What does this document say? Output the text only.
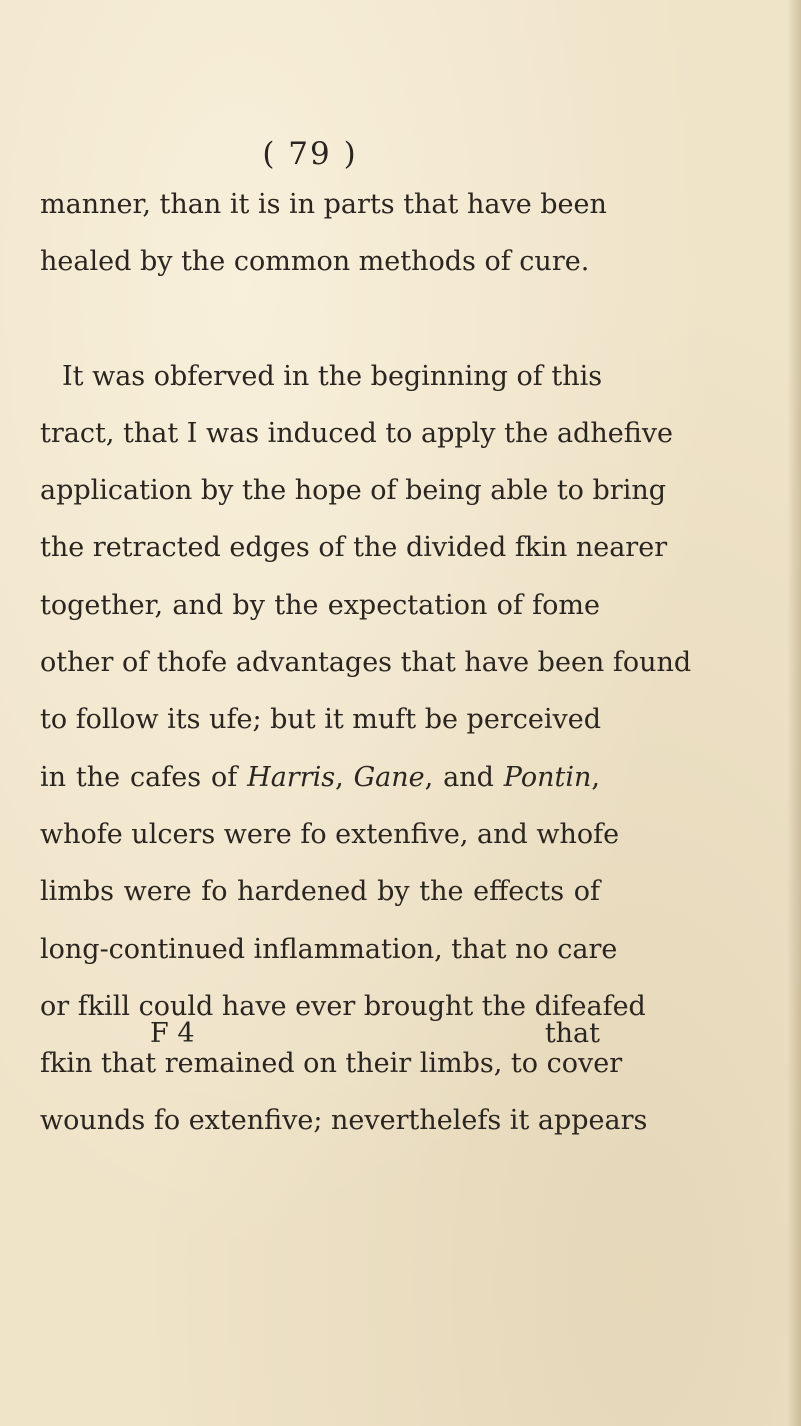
( 79 )
manner, than it is in parts that have been
healed by the common methods of cure.
It was obferved in the beginning of this
tract, that I was induced to apply the adhefive
application by the hope of being able to bring
the retracted edges of the divided fkin nearer
together, and by the expectation of fome
other of thofe advantages that have been found
to follow its ufe; but it muft be perceived
in the cafes of Harris, Gane, and Pontin,
whofe ulcers were fo extenfive, and whofe
limbs were fo hardened by the effects of
long-continued inflammation, that no care
or fkill could have ever brought the difeafed
fkin that remained on their limbs, to cover
wounds fo extenfive; neverthelefs it appears
F 4	that
